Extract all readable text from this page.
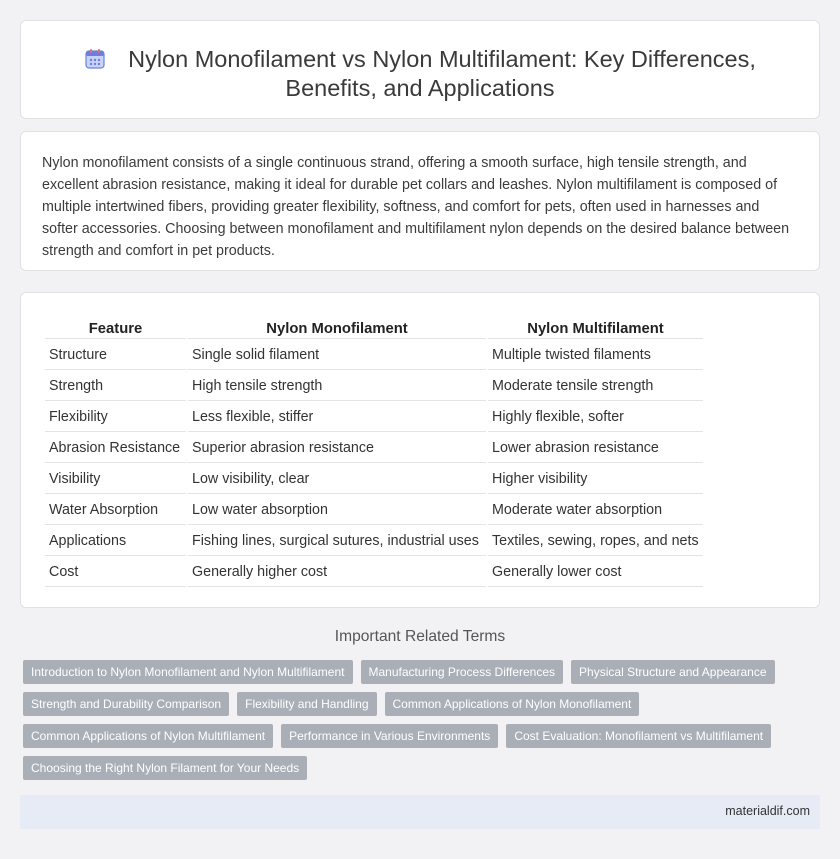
Nylon Monofilament vs Nylon Multifilament: Key Differences, Benefits, and Applications

Nylon monofilament consists of a single continuous strand, offering a smooth surface, high tensile strength, and excellent abrasion resistance, making it ideal for durable pet collars and leashes. Nylon multifilament is composed of multiple intertwined fibers, providing greater flexibility, softness, and comfort for pets, often used in harnesses and softer accessories. Choosing between monofilament and multifilament nylon depends on the desired balance between strength and comfort in pet products.

Feature	Nylon Monofilament	Nylon Multifilament
Structure	Single solid filament	Multiple twisted filaments
Strength	High tensile strength	Moderate tensile strength
Flexibility	Less flexible, stiffer	Highly flexible, softer
Abrasion Resistance	Superior abrasion resistance	Lower abrasion resistance
Visibility	Low visibility, clear	Higher visibility
Water Absorption	Low water absorption	Moderate water absorption
Applications	Fishing lines, surgical sutures, industrial uses	Textiles, sewing, ropes, and nets
Cost	Generally higher cost	Generally lower cost
Important Related Terms
Introduction to Nylon Monofilament and Nylon Multifilament	Manufacturing Process Differences	Physical Structure and Appearance
Strength and Durability Comparison	Flexibility and Handling	Common Applications of Nylon Monofilament
Common Applications of Nylon Multifilament	Performance in Various Environments	Cost Evaluation: Monofilament vs Multifilament
Choosing the Right Nylon Filament for Your Needs
materialdif.com
